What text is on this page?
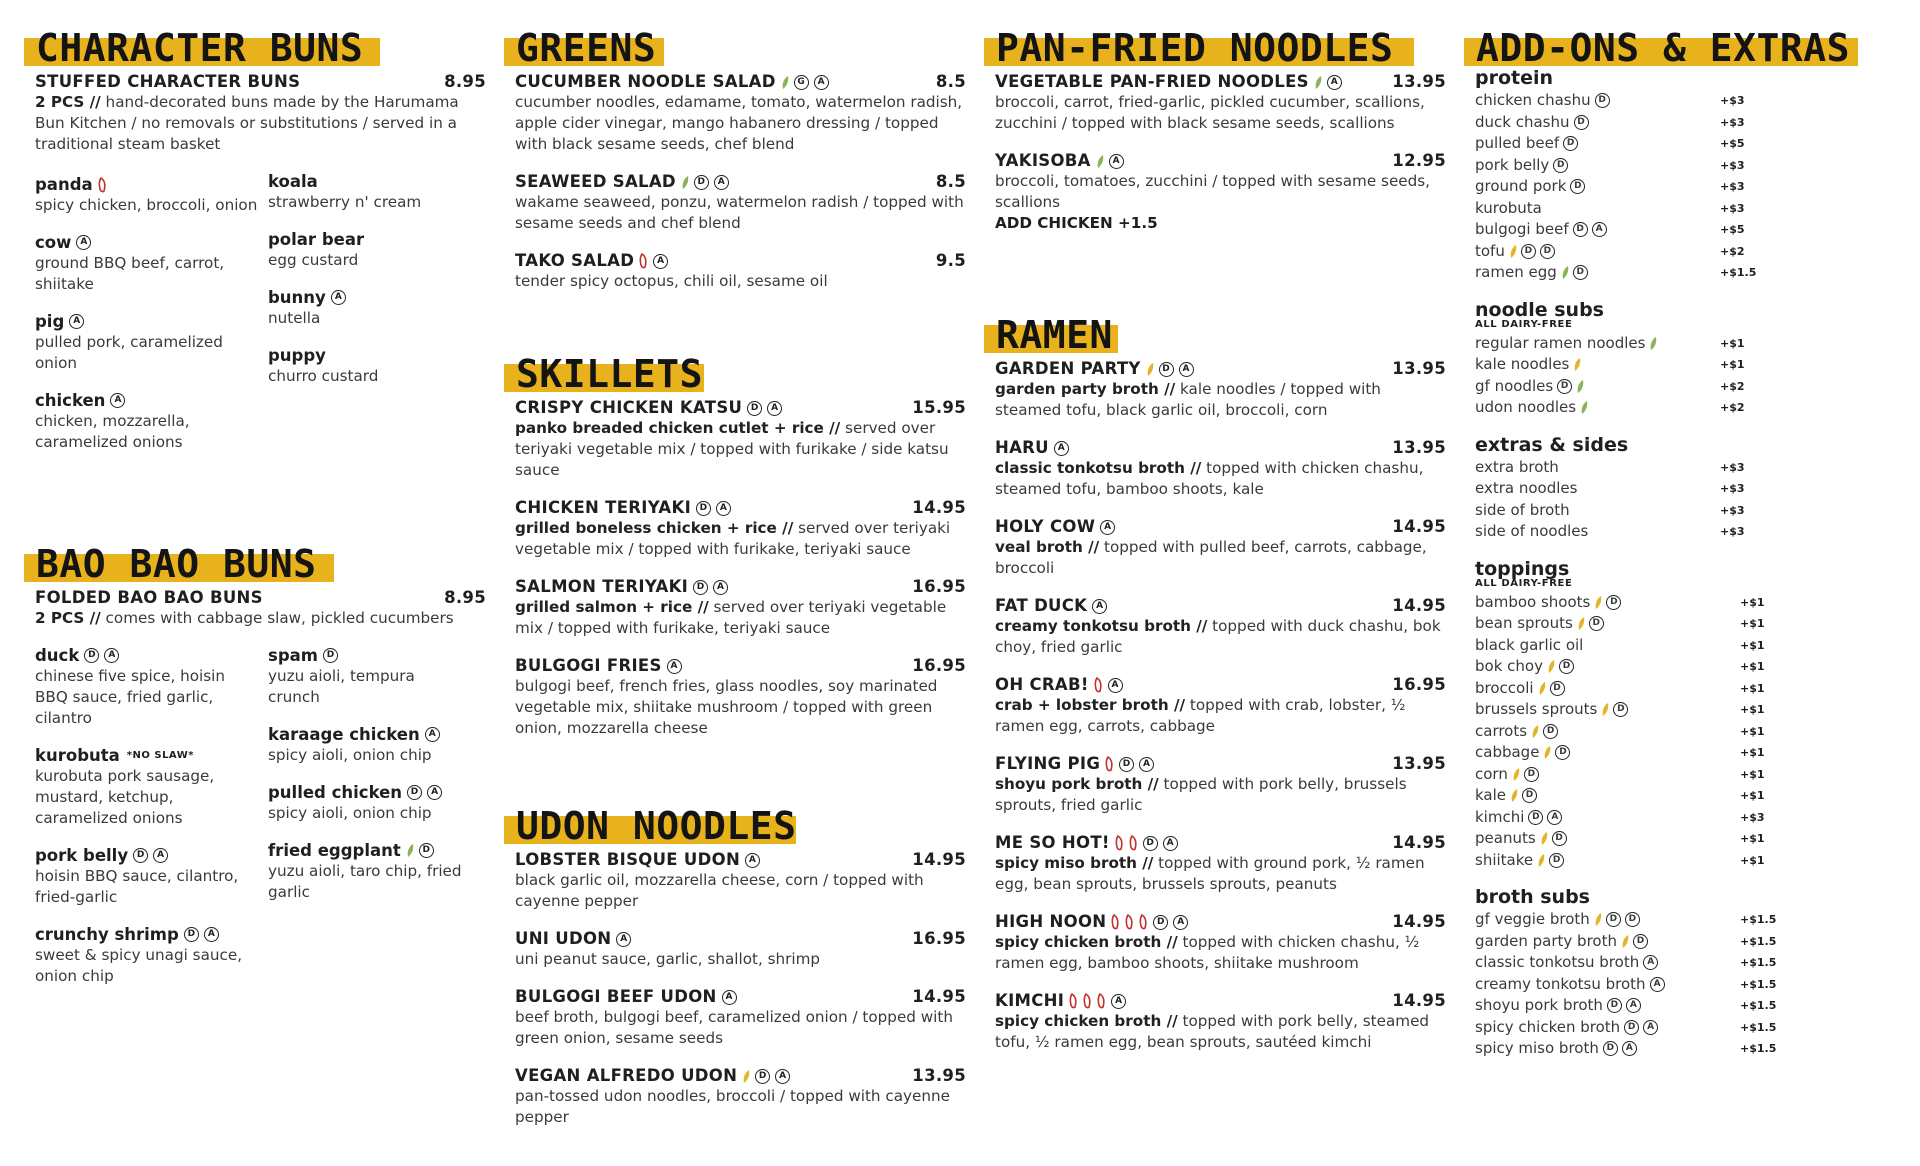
CHARACTER BUNS
STUFFED CHARACTER BUNS	8.95
2 PCS // hand-decorated buns made by the Harumama Bun Kitchen / no removals or substitutions / served in a traditional steam basket
panda
spicy chicken, broccoli, onion
cow	A
ground BBQ beef, carrot, shiitake
pig	A
pulled pork, caramelized onion
chicken	A
chicken, mozzarella, caramelized onions
koala
strawberry n' cream
polar bear
egg custard
bunny	A
nutella
puppy
churro custard
BAO BAO BUNS
FOLDED BAO BAO BUNS	8.95
2 PCS // comes with cabbage slaw, pickled cucumbers
duck D	A
chinese five spice, hoisin BBQ sauce, fried garlic, cilantro
kurobuta *NO SLAW*
kurobuta pork sausage, mustard, ketchup, caramelized onions
pork belly D	A
hoisin BBQ sauce, cilantro, fried-garlic
crunchy shrimp D	A
sweet & spicy unagi sauce, onion chip
spam D
yuzu aioli, tempura crunch
karaage chicken	A
spicy aioli, onion chip
pulled chicken D	A
spicy aioli, onion chip
fried eggplant	D
yuzu aioli, taro chip, fried garlic
GREENS
CUCUMBER NOODLE SALAD	G	A	8.5
cucumber noodles, edamame, tomato, watermelon radish, apple cider vinegar, mango habanero dressing / topped with black sesame seeds, chef blend
SEAWEED SALAD	D	A	8.5
wakame seaweed, ponzu, watermelon radish / topped with sesame seeds and chef blend
TAKO SALAD	A	9.5
tender spicy octopus, chili oil, sesame oil
SKILLETS
CRISPY CHICKEN KATSU D	A	15.95
panko breaded chicken cutlet + rice // served over teriyaki vegetable mix / topped with furikake / side katsu sauce
CHICKEN TERIYAKI D	A	14.95
grilled boneless chicken + rice // served over teriyaki vegetable mix / topped with furikake, teriyaki sauce
SALMON TERIYAKI D	A	16.95
grilled salmon + rice // served over teriyaki vegetable mix / topped with furikake, teriyaki sauce
BULGOGI FRIES A	16.95
bulgogi beef, french fries, glass noodles, soy marinated vegetable mix, shiitake mushroom / topped with green onion, mozzarella cheese
UDON NOODLES
LOBSTER BISQUE UDON A	14.95
black garlic oil, mozzarella cheese, corn / topped with cayenne pepper
UNI UDON A	16.95
uni peanut sauce, garlic, shallot, shrimp
BULGOGI BEEF UDON A	14.95
beef broth, bulgogi beef, caramelized onion / topped with green onion, sesame seeds
VEGAN ALFREDO UDON	D	A	13.95
pan-tossed udon noodles, broccoli / topped with cayenne pepper
PAN-FRIED NOODLES
VEGETABLE PAN-FRIED NOODLES	A	13.95
broccoli, carrot, fried-garlic, pickled cucumber, scallions, zucchini / topped with black sesame seeds, scallions
YAKISOBA	A	12.95
broccoli, tomatoes, zucchini / topped with sesame seeds, scallions
ADD CHICKEN +1.5
RAMEN
GARDEN PARTY	D	A	13.95
garden party broth // kale noodles / topped with steamed tofu, black garlic oil, broccoli, corn
HARU A	13.95
classic tonkotsu broth // topped with chicken chashu, steamed tofu, bamboo shoots, kale
HOLY COW A	14.95
veal broth // topped with pulled beef, carrots, cabbage, broccoli
FAT DUCK A	14.95
creamy tonkotsu broth // topped with duck chashu, bok choy, fried garlic
OH CRAB!	A	16.95
crab + lobster broth // topped with crab, lobster, ½ ramen egg, carrots, cabbage
FLYING PIG	D	A	13.95
shoyu pork broth // topped with pork belly, brussels sprouts, fried garlic
ME SO HOT!	D	A	14.95
spicy miso broth // topped with ground pork, ½ ramen egg, bean sprouts, brussels sprouts, peanuts
HIGH NOON	D	A	14.95
spicy chicken broth // topped with chicken chashu, ½ ramen egg, bamboo shoots, shiitake mushroom
KIMCHI	A	14.95
spicy chicken broth // topped with pork belly, steamed tofu, ½ ramen egg, bean sprouts, sautéed kimchi
ADD-ONS & EXTRAS
protein
chicken chashu D	+$3
duck chashu D	+$3
pulled beef D	+$5
pork belly D	+$3
ground pork D	+$3
kurobuta	+$3
bulgogi beef D	A	+$5
tofu	D	D	+$2
ramen egg	D	+$1.5
noodle subs
ALL DAIRY-FREE
regular ramen noodles	+$1
kale noodles	+$1
gf noodles D	+$2
udon noodles	+$2
extras & sides
extra broth	+$3
extra noodles	+$3
side of broth	+$3
side of noodles	+$3
toppings
ALL DAIRY-FREE
bamboo shoots	D	+$1
bean sprouts	D	+$1
black garlic oil	+$1
bok choy	D	+$1
broccoli	D	+$1
brussels sprouts	D	+$1
carrots	D	+$1
cabbage	D	+$1
corn	D	+$1
kale	D	+$1
kimchi D	A	+$3
peanuts	D	+$1
shiitake	D	+$1
broth subs
gf veggie broth	D	D	+$1.5
garden party broth	D	+$1.5
classic tonkotsu broth A	+$1.5
creamy tonkotsu broth A	+$1.5
shoyu pork broth D	A	+$1.5
spicy chicken broth D	A	+$1.5
spicy miso broth D	A	+$1.5
